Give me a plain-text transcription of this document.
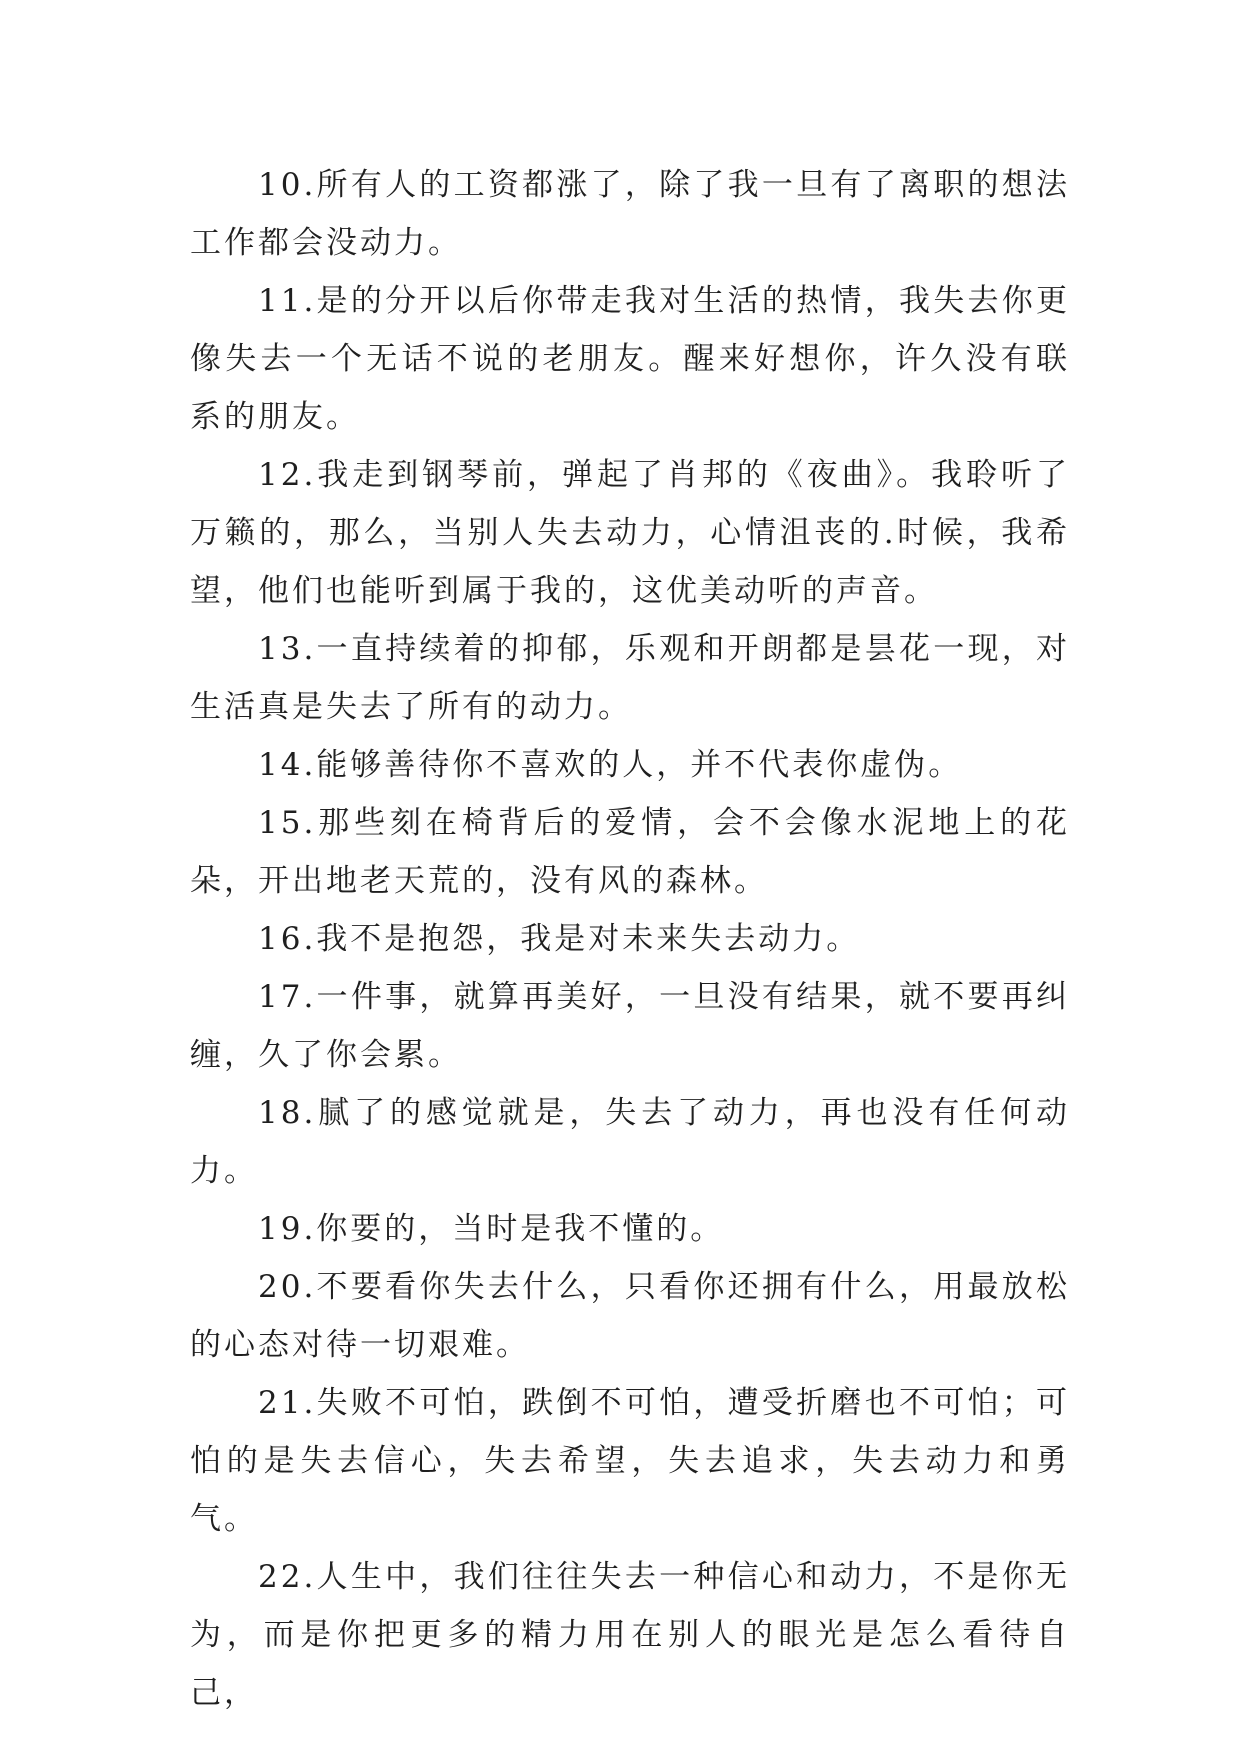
10.所有人的工资都涨了，除了我一旦有了离职的想法工作都会没动力。

11.是的分开以后你带走我对生活的热情，我失去你更像失去一个无话不说的老朋友。醒来好想你，许久没有联系的朋友。

12.我走到钢琴前，弹起了肖邦的《夜曲》。我聆听了万籁的，那么，当别人失去动力，心情沮丧的.时候，我希望，他们也能听到属于我的，这优美动听的声音。

13.一直持续着的抑郁，乐观和开朗都是昙花一现，对生活真是失去了所有的动力。

14.能够善待你不喜欢的人，并不代表你虚伪。

15.那些刻在椅背后的爱情，会不会像水泥地上的花朵，开出地老天荒的，没有风的森林。

16.我不是抱怨，我是对未来失去动力。

17.一件事，就算再美好，一旦没有结果，就不要再纠缠，久了你会累。

18.腻了的感觉就是，失去了动力，再也没有任何动力。

19.你要的，当时是我不懂的。

20.不要看你失去什么，只看你还拥有什么，用最放松的心态对待一切艰难。

21.失败不可怕，跌倒不可怕，遭受折磨也不可怕；可怕的是失去信心，失去希望，失去追求，失去动力和勇气。

22.人生中，我们往往失去一种信心和动力，不是你无为，而是你把更多的精力用在别人的眼光是怎么看待自己，
